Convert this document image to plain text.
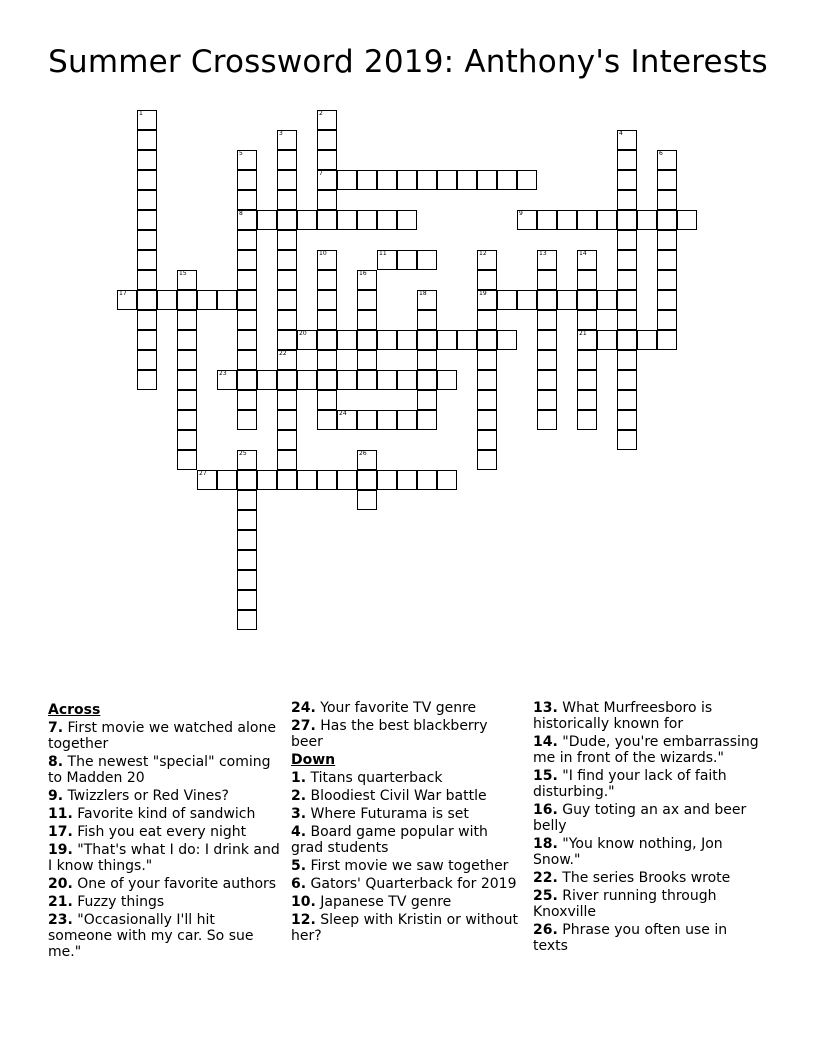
Summer Crossword 2019: Anthony's Interests
1	2
3	4
5	6
7
8	9
10	11	12	13	14
15	16
17	18	19
20	21
22
23
24
25	26
27
Across
7. First movie we watched alone together
8. The newest "special" coming to Madden 20
9. Twizzlers or Red Vines?
11. Favorite kind of sandwich
17. Fish you eat every night
19. "That's what I do: I drink and I know things."
20. One of your favorite authors
21. Fuzzy things
23. "Occasionally I'll hit someone with my car. So sue me."
24. Your favorite TV genre
27. Has the best blackberry beer
Down
1. Titans quarterback
2. Bloodiest Civil War battle
3. Where Futurama is set
4. Board game popular with grad students
5. First movie we saw together
6. Gators' Quarterback for 2019
10. Japanese TV genre
12. Sleep with Kristin or without her?
13. What Murfreesboro is historically known for
14. "Dude, you're embarrassing me in front of the wizards."
15. "I find your lack of faith disturbing."
16. Guy toting an ax and beer belly
18. "You know nothing, Jon Snow."
22. The series Brooks wrote
25. River running through Knoxville
26. Phrase you often use in texts
